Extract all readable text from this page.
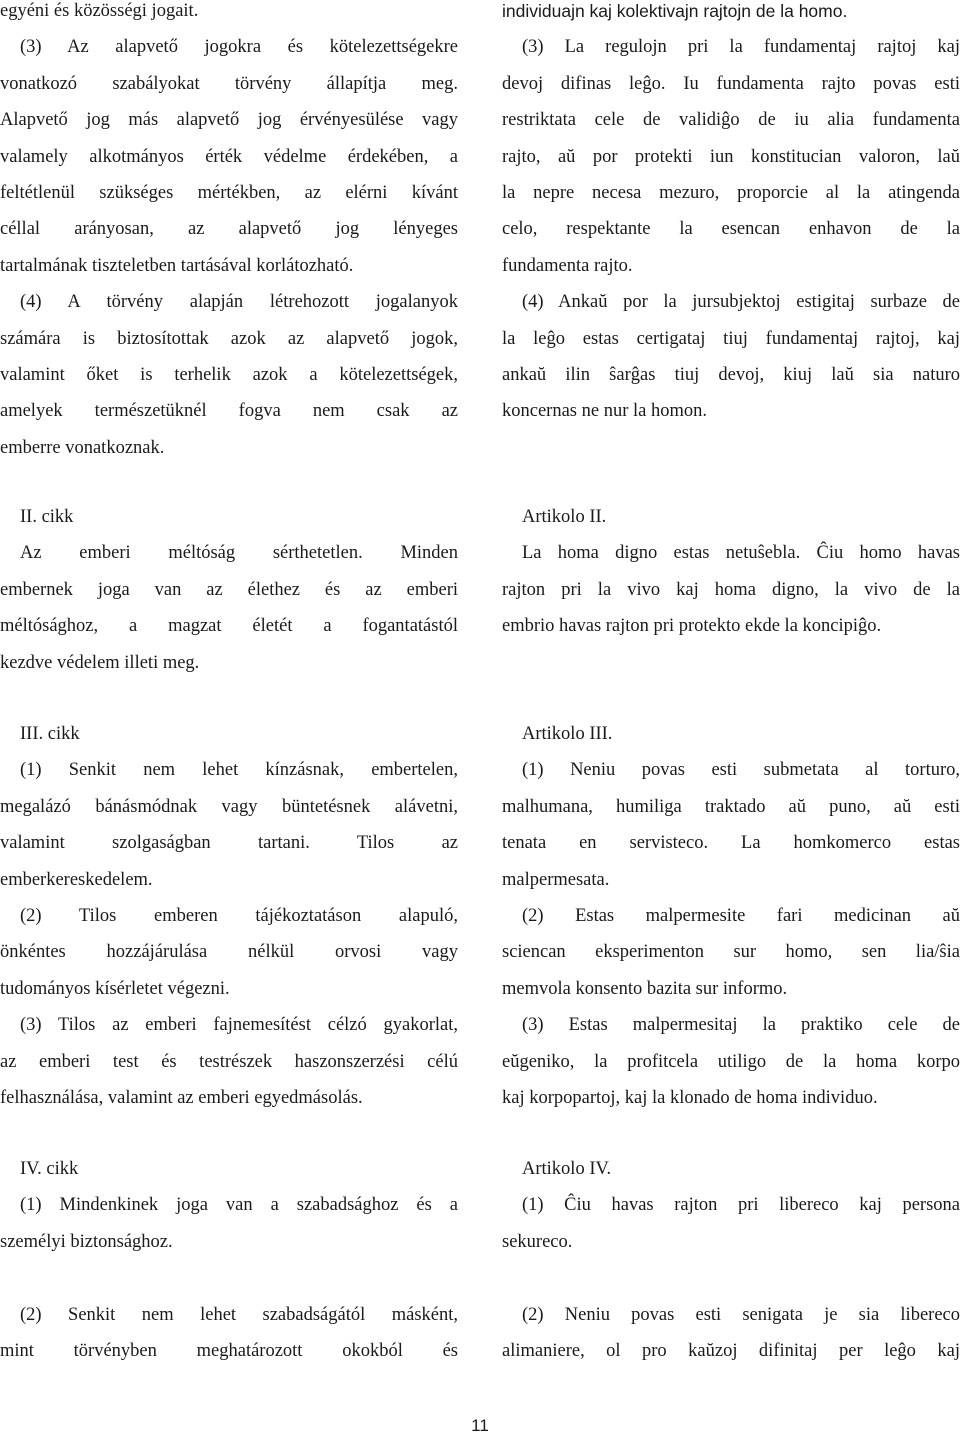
egyéni és közösségi jogait.
(3) Az alapvető jogokra és kötelezettségekre
vonatkozó szabályokat törvény állapítja meg.
Alapvető jog más alapvető jog érvényesülése vagy
valamely alkotmányos érték védelme érdekében, a
feltétlenül szükséges mértékben, az elérni kívánt
céllal arányosan, az alapvető jog lényeges
tartalmának tiszteletben tartásával korlátozható.
(4) A törvény alapján létrehozott jogalanyok
számára is biztosítottak azok az alapvető jogok,
valamint őket is terhelik azok a kötelezettségek,
amelyek természetüknél fogva nem csak az
emberre vonatkoznak.
II. cikk
Az emberi méltóság sérthetetlen. Minden
embernek joga van az élethez és az emberi
méltósághoz, a magzat életét a fogantatástól
kezdve védelem illeti meg.
III. cikk
(1) Senkit nem lehet kínzásnak, embertelen,
megalázó bánásmódnak vagy büntetésnek alávetni,
valamint szolgaságban tartani. Tilos az
emberkereskedelem.
(2) Tilos emberen tájékoztatáson alapuló,
önkéntes hozzájárulása nélkül orvosi vagy
tudományos kísérletet végezni.
(3) Tilos az emberi fajnemesítést célzó gyakorlat,
az emberi test és testrészek haszonszerzési célú
felhasználása, valamint az emberi egyedmásolás.
IV. cikk
(1) Mindenkinek joga van a szabadsághoz és a
személyi biztonsághoz.
(2) Senkit nem lehet szabadságától másként,
mint törvényben meghatározott okokból és
individuajn kaj kolektivajn rajtojn de la homo.
(3) La regulojn pri la fundamentaj rajtoj kaj
devoj difinas leĝo. Iu fundamenta rajto povas esti
restriktata cele de validiĝo de iu alia fundamenta
rajto, aŭ por protekti iun konstitucian valoron, laŭ
la nepre necesa mezuro, proporcie al la atingenda
celo, respektante la esencan enhavon de la
fundamenta rajto.
(4) Ankaŭ por la jursubjektoj estigitaj surbaze de
la leĝo estas certigataj tiuj fundamentaj rajtoj, kaj
ankaŭ ilin ŝarĝas tiuj devoj, kiuj laŭ sia naturo
koncernas ne nur la homon.
Artikolo II.
La homa digno estas netuŝebla. Ĉiu homo havas
rajton pri la vivo kaj homa digno, la vivo de la
embrio havas rajton pri protekto ekde la koncipiĝo.
Artikolo III.
(1) Neniu povas esti submetata al torturo,
malhumana, humiliga traktado aŭ puno, aŭ esti
tenata en servisteco. La homkomerco estas
malpermesata.
(2) Estas malpermesite fari medicinan aŭ
sciencan eksperimenton sur homo, sen lia/ŝia
memvola konsento bazita sur informo.
(3) Estas malpermesitaj la praktiko cele de
eŭgeniko, la profitcela utiligo de la homa korpo
kaj korpopartoj, kaj la klonado de homa individuo.
Artikolo IV.
(1) Ĉiu havas rajton pri libereco kaj persona
sekureco.
(2) Neniu povas esti senigata je sia libereco
alimaniere, ol pro kaŭzoj difinitaj per leĝo kaj
11
